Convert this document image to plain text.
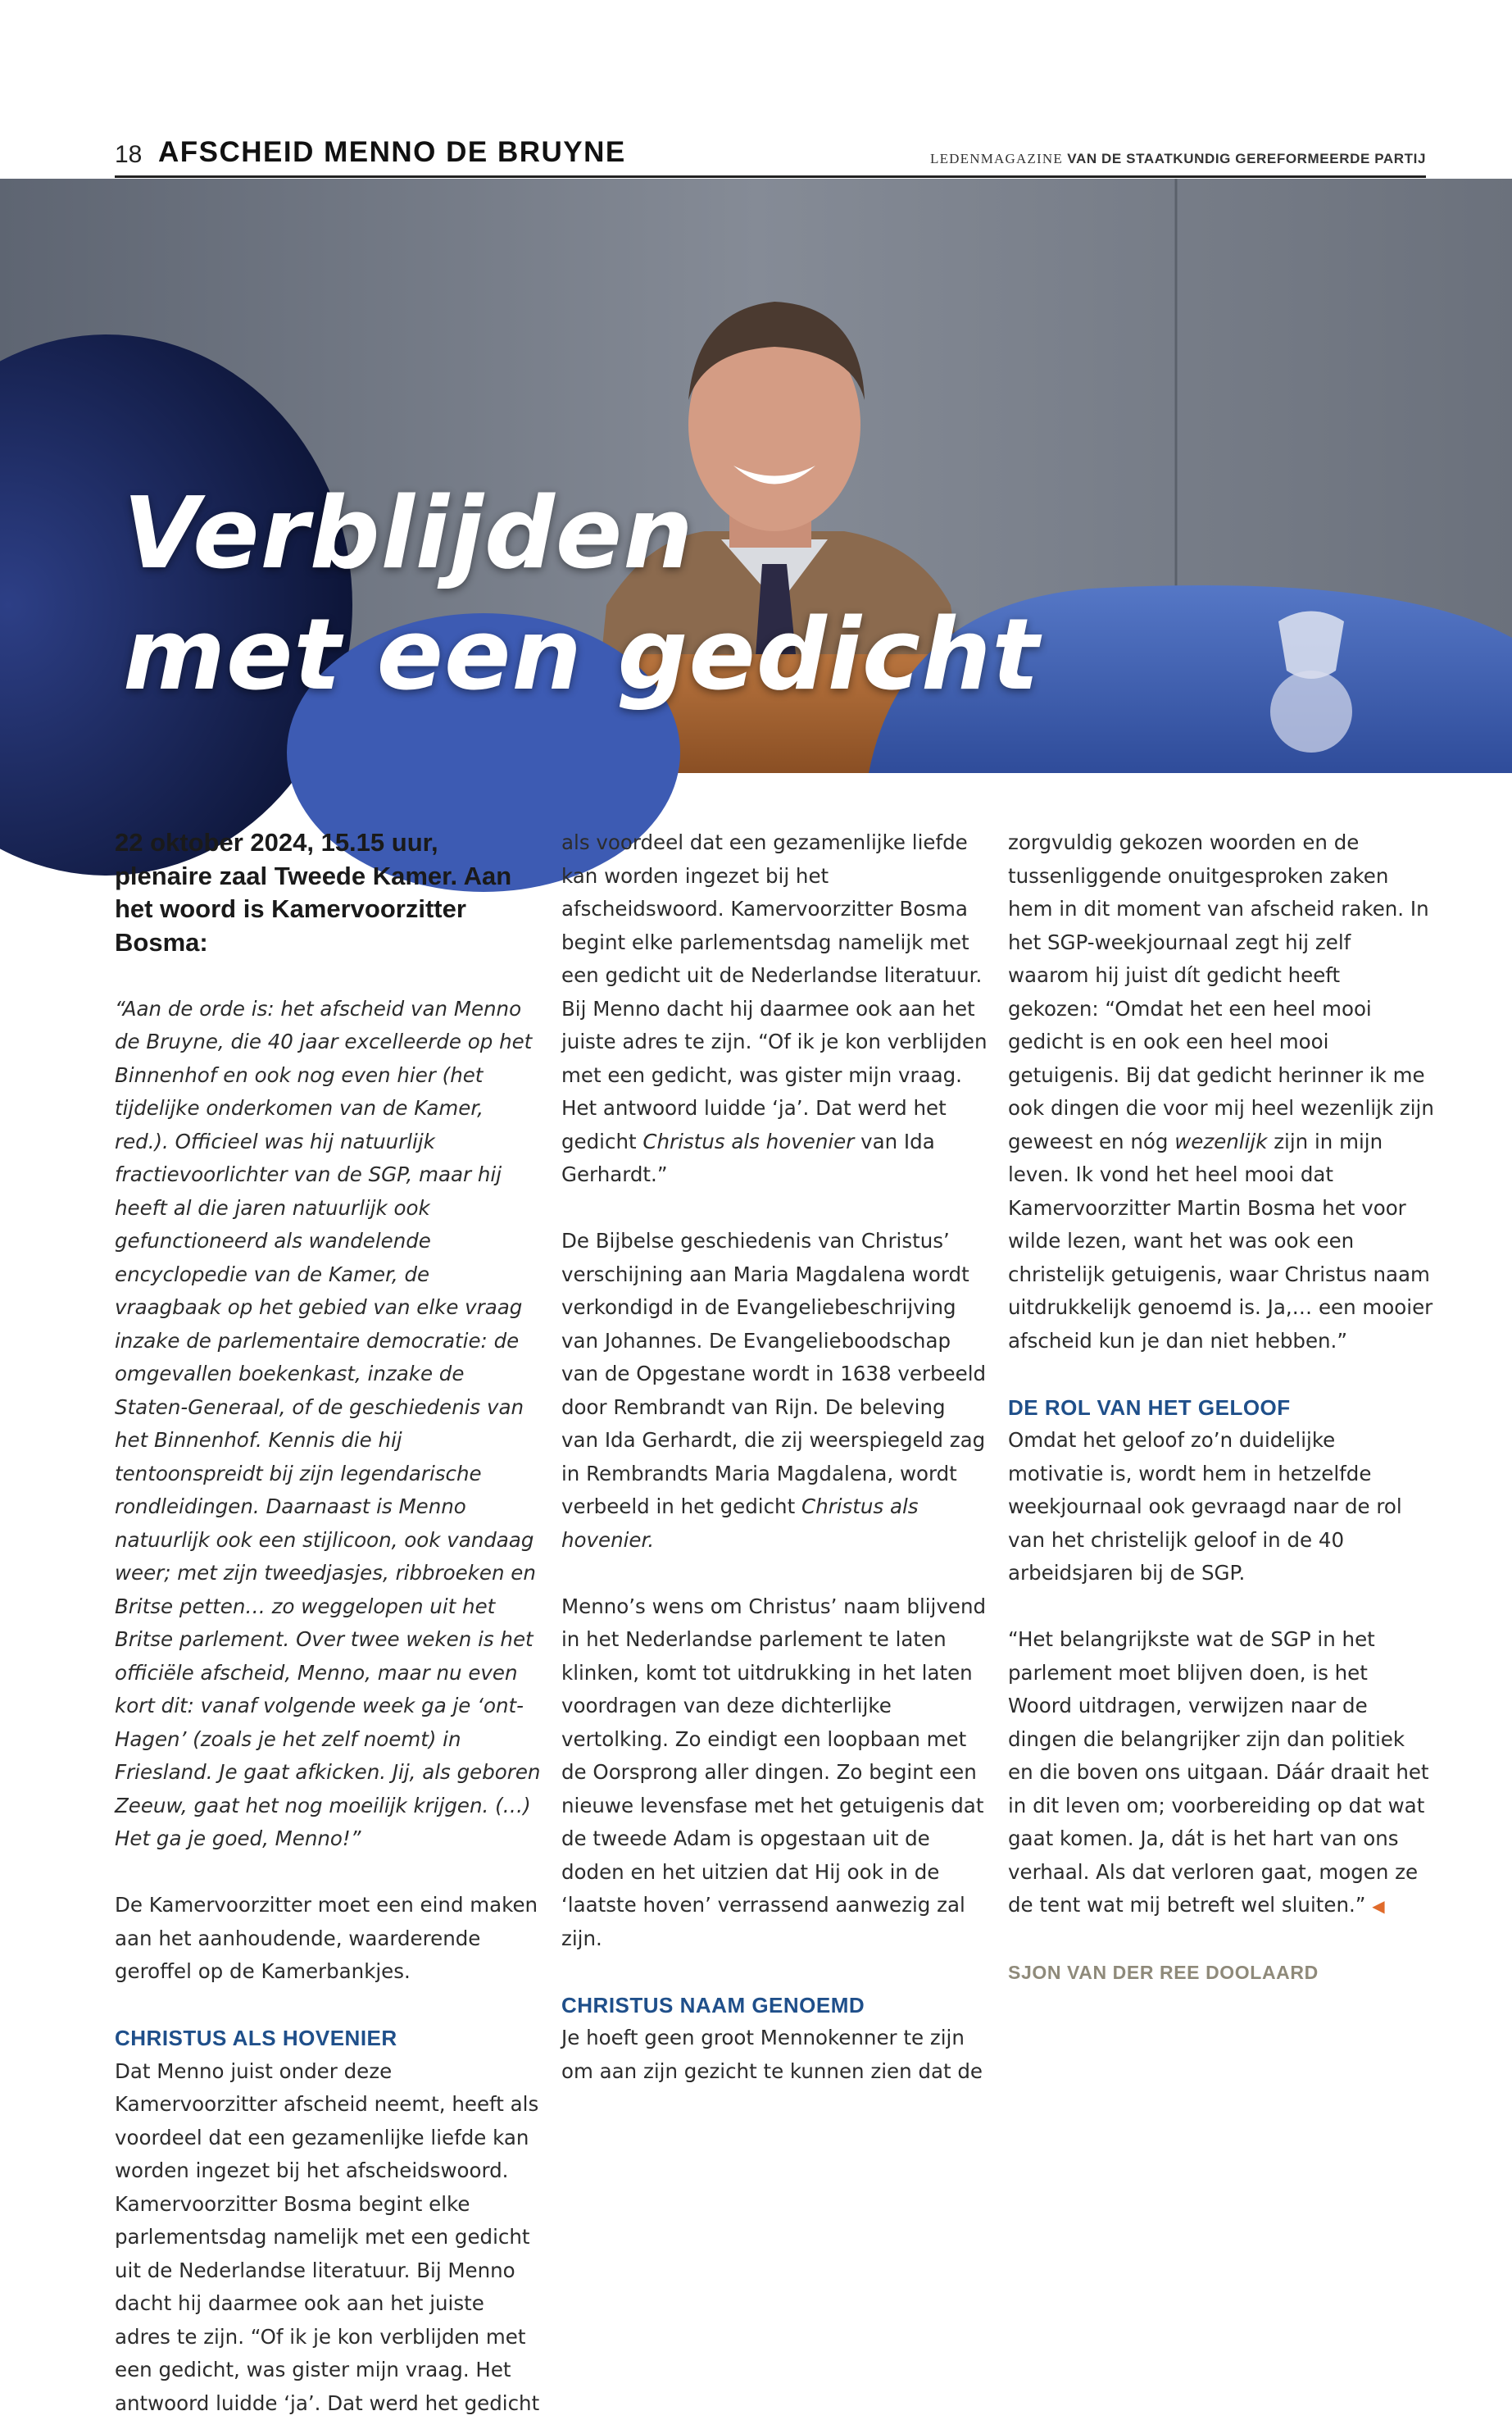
18 AFSCHEID MENNO DE BRUYNE	LEDENMAGAZINE VAN DE STAATKUNDIG GEREFORMEERDE PARTIJ
Verblijden
met een gedicht

22 oktober 2024, 15.15 uur, plenaire zaal Tweede Kamer. Aan het woord is Kamervoorzitter Bosma:

“Aan de orde is: het afscheid van Menno de Bruyne, die 40 jaar excelleerde op het Binnenhof en ook nog even hier (het tijdelijke onderkomen van de Kamer, red.). Officieel was hij natuurlijk fractievoorlichter van de SGP, maar hij heeft al die jaren natuurlijk ook gefunctioneerd als wandelende encyclopedie van de Kamer, de vraagbaak op het gebied van elke vraag inzake de parlementaire democratie: de omgevallen boekenkast, inzake de Staten-Generaal, of de geschiedenis van het Binnenhof. Kennis die hij tentoonspreidt bij zijn legendarische rondleidingen. Daarnaast is Menno natuurlijk ook een stijlicoon, ook vandaag weer; met zijn tweedjasjes, ribbroeken en Britse petten… zo weggelopen uit het Britse parlement. Over twee weken is het officiële afscheid, Menno, maar nu even kort dit: vanaf volgende week ga je ‘ont-Hagen’ (zoals je het zelf noemt) in Friesland. Je gaat afkicken. Jij, als geboren Zeeuw, gaat het nog moeilijk krijgen. (…) Het ga je goed, Menno!”

De Kamervoorzitter moet een eind maken aan het aanhoudende, waarderende geroffel op de Kamerbankjes.

CHRISTUS ALS HOVENIER

Dat Menno juist onder deze Kamervoorzitter afscheid neemt, heeft als voordeel dat een gezamenlijke liefde kan worden ingezet bij het afscheidswoord. Kamervoorzitter Bosma begint elke parlementsdag namelijk met een gedicht uit de Nederlandse literatuur. Bij Menno dacht hij daarmee ook aan het juiste adres te zijn. “Of ik je kon verblijden met een gedicht, was gister mijn vraag. Het antwoord luidde ‘ja’. Dat werd het gedicht

als voordeel dat een gezamenlijke liefde kan worden ingezet bij het afscheidswoord. Kamervoorzitter Bosma begint elke parlementsdag namelijk met een gedicht uit de Nederlandse literatuur. Bij Menno dacht hij daarmee ook aan het juiste adres te zijn. “Of ik je kon verblijden met een gedicht, was gister mijn vraag. Het antwoord luidde ‘ja’. Dat werd het gedicht Christus als hovenier van Ida Gerhardt.”

De Bijbelse geschiedenis van Christus’ verschijning aan Maria Magdalena wordt verkondigd in de Evangeliebeschrijving van Johannes. De Evangelieboodschap van de Opgestane wordt in 1638 verbeeld door Rembrandt van Rijn. De beleving van Ida Gerhardt, die zij weerspiegeld zag in Rembrandts Maria Magdalena, wordt verbeeld in het gedicht Christus als hovenier.

Menno’s wens om Christus’ naam blijvend in het Nederlandse parlement te laten klinken, komt tot uitdrukking in het laten voordragen van deze dichterlijke vertolking. Zo eindigt een loopbaan met de Oorsprong aller dingen. Zo begint een nieuwe levensfase met het getuigenis dat de tweede Adam is opgestaan uit de doden en het uitzien dat Hij ook in de ‘laatste hoven’ verrassend aanwezig zal zijn.

CHRISTUS NAAM GENOEMD

Je hoeft geen groot Mennokenner te zijn om aan zijn gezicht te kunnen zien dat de

zorgvuldig gekozen woorden en de tussenliggende onuitgesproken zaken hem in dit moment van afscheid raken. In het SGP-weekjournaal zegt hij zelf waarom hij juist dít gedicht heeft gekozen: “Omdat het een heel mooi gedicht is en ook een heel mooi getuigenis. Bij dat gedicht herinner ik me ook dingen die voor mij heel wezenlijk zijn geweest en nóg wezenlijk zijn in mijn leven. Ik vond het heel mooi dat Kamervoorzitter Martin Bosma het voor wilde lezen, want het was ook een christelijk getuigenis, waar Christus naam uitdrukkelijk genoemd is. Ja,… een mooier afscheid kun je dan niet hebben.”

DE ROL VAN HET GELOOF

Omdat het geloof zo’n duidelijke motivatie is, wordt hem in hetzelfde weekjournaal ook gevraagd naar de rol van het christelijk geloof in de 40 arbeidsjaren bij de SGP.

“Het belangrijkste wat de SGP in het parlement moet blijven doen, is het Woord uitdragen, verwijzen naar de dingen die belangrijker zijn dan politiek en die boven ons uitgaan. Dáár draait het in dit leven om; voorbereiding op dat wat gaat komen. Ja, dát is het hart van ons verhaal. Als dat verloren gaat, mogen ze de tent wat mij betreft wel sluiten.” ◀

SJON VAN DER REE DOOLAARD
